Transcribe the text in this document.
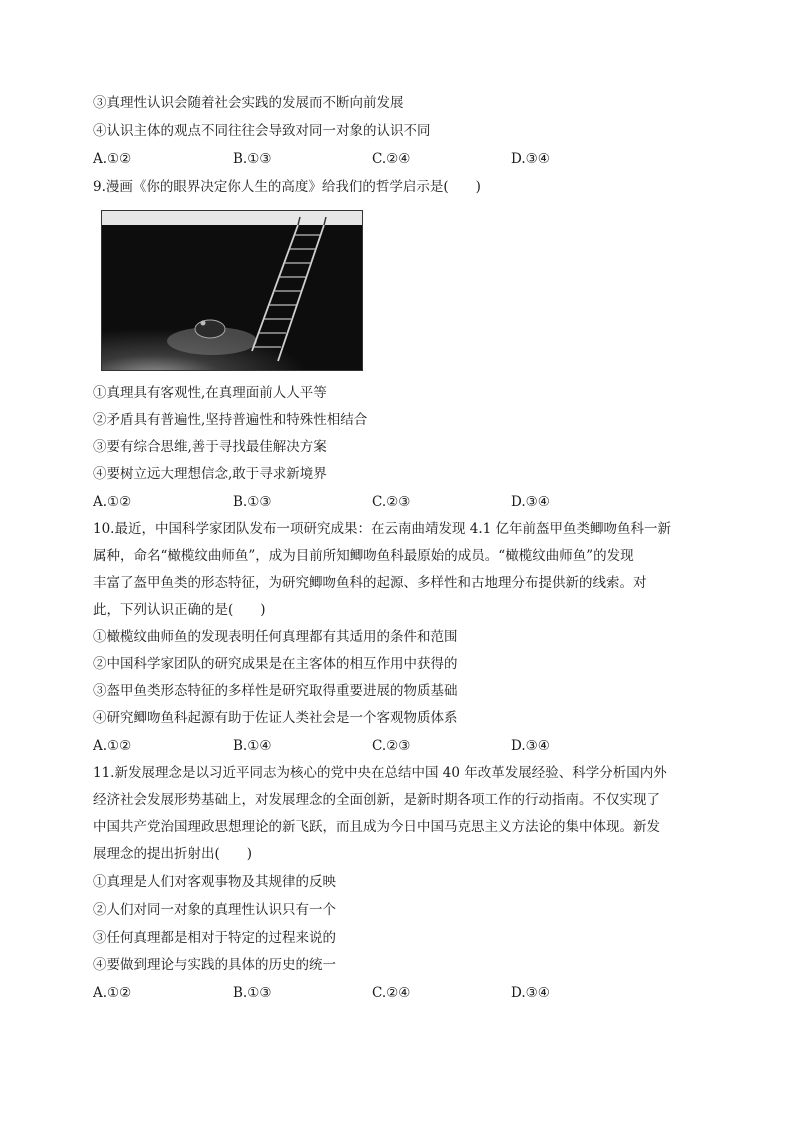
③真理性认识会随着社会实践的发展而不断向前发展
④认识主体的观点不同往往会导致对同一对象的认识不同
A.①②	B.①③	C.②④	D.③④
9.漫画《你的眼界决定你人生的高度》给我们的哲学启示是(　　)
①真理具有客观性,在真理面前人人平等
②矛盾具有普遍性,坚持普遍性和特殊性相结合
③要有综合思维,善于寻找最佳解决方案
④要树立远大理想信念,敢于寻求新境界
A.①②	B.①③	C.②③	D.③④
10.最近，中国科学家团队发布一项研究成果：在云南曲靖发现 4.1 亿年前盔甲鱼类鲫吻鱼科一新
属种，命名“橄榄纹曲师鱼”，成为目前所知鲫吻鱼科最原始的成员。“橄榄纹曲师鱼”的发现
丰富了盔甲鱼类的形态特征，为研究鲫吻鱼科的起源、多样性和古地理分布提供新的线索。对
此，下列认识正确的是(　　)
①橄榄纹曲师鱼的发现表明任何真理都有其适用的条件和范围
②中国科学家团队的研究成果是在主客体的相互作用中获得的
③盔甲鱼类形态特征的多样性是研究取得重要进展的物质基础
④研究鲫吻鱼科起源有助于佐证人类社会是一个客观物质体系
A.①②	B.①④	C.②③	D.③④
11.新发展理念是以习近平同志为核心的党中央在总结中国 40 年改革发展经验、科学分析国内外
经济社会发展形势基础上，对发展理念的全面创新，是新时期各项工作的行动指南。不仅实现了
中国共产党治国理政思想理论的新飞跃，而且成为今日中国马克思主义方法论的集中体现。新发
展理念的提出折射出(　　)
①真理是人们对客观事物及其规律的反映
②人们对同一对象的真理性认识只有一个
③任何真理都是相对于特定的过程来说的
④要做到理论与实践的具体的历史的统一
A.①②	B.①③	C.②④	D.③④
